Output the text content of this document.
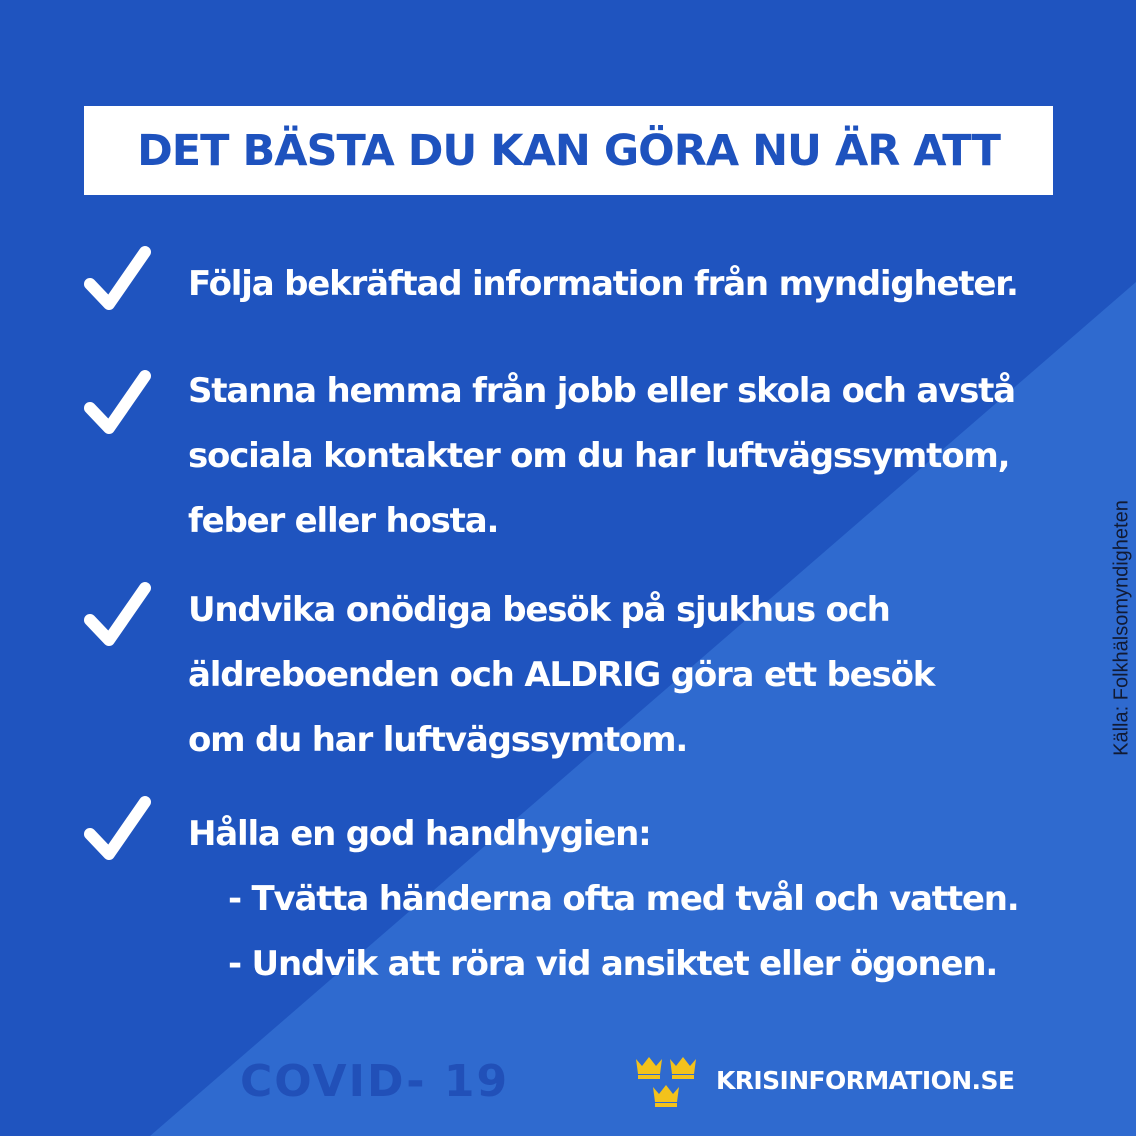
DET BÄSTA DU KAN GÖRA NU ÄR ATT
Följa bekräftad information från myndigheter.
Stanna hemma från jobb eller skola och avstå
sociala kontakter om du har luftvägssymtom,
feber eller hosta.
Undvika onödiga besök på sjukhus och
äldreboenden och ALDRIG göra ett besök
om du har luftvägssymtom.
Hålla en god handhygien:
- Tvätta händerna ofta med tvål och vatten.
- Undvik att röra vid ansiktet eller ögonen.
Källa: Folkhälsomyndigheten
COVID- 19	KRISINFORMATION.SE
